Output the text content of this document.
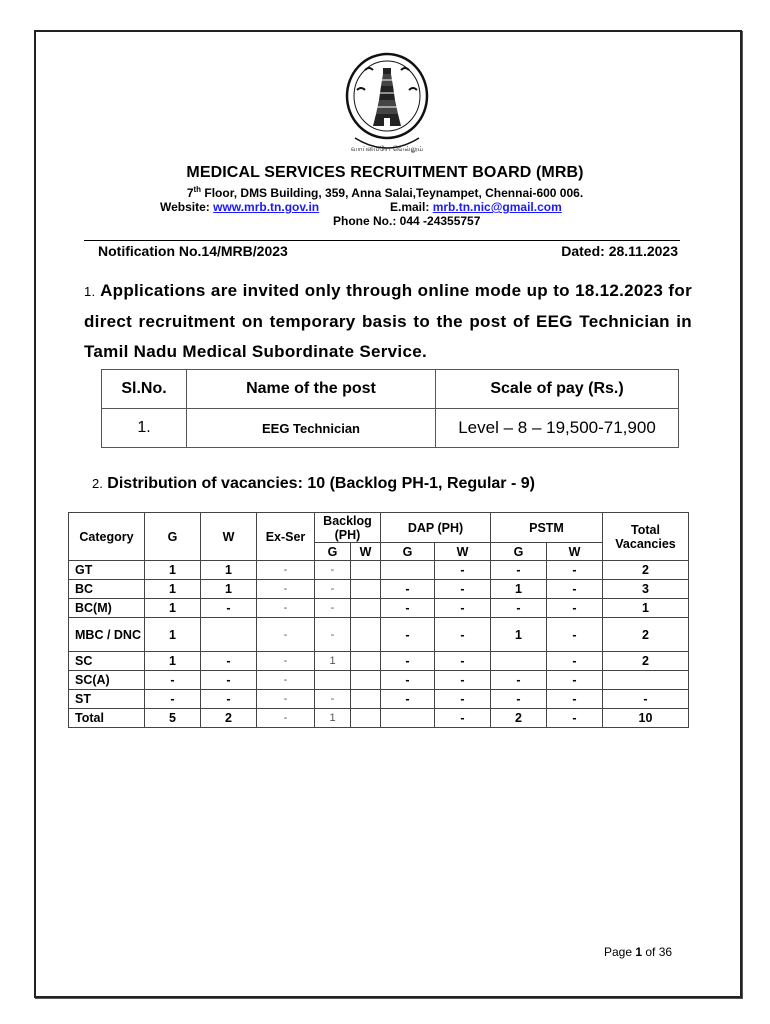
வாய்மையே வெல்லும்
MEDICAL SERVICES RECRUITMENT BOARD (MRB)
7th Floor, DMS Building, 359, Anna Salai,Teynampet, Chennai-600 006.
Website: www.mrb.tn.gov.in	E.mail: mrb.tn.nic@gmail.com
Phone No.: 044 -24355757
Notification No.14/MRB/2023	Dated: 28.11.2023
1. Applications are invited only through online mode up to 18.12.2023 for direct recruitment on temporary basis to the post of EEG Technician in Tamil Nadu Medical Subordinate Service.
Sl.No.	Name of the post	Scale of pay (Rs.)
1.	EEG Technician	Level – 8 – 19,500-71,900
2. Distribution of vacancies: 10 (Backlog PH-1, Regular - 9)
Category	G	W	Ex-Ser	Backlog (PH)		DAP (PH)		PSTM		Total Vacancies
				G	W	G	W	G	W	
GT	1	1	-	-			-	-	-	2
BC	1	1	-	-		-	-	1	-	3
BC(M)	1	-	-	-		-	-	-	-	1
MBC / DNC	1		-	-		-	-	1	-	2
SC	1	-	-	1		-	-		-	2
SC(A)	-	-	-			-	-	-	-	
ST	-	-	-	-		-	-	-	-	-
Total	5	2	-	1			-	2	-	10
Page 1 of 36
